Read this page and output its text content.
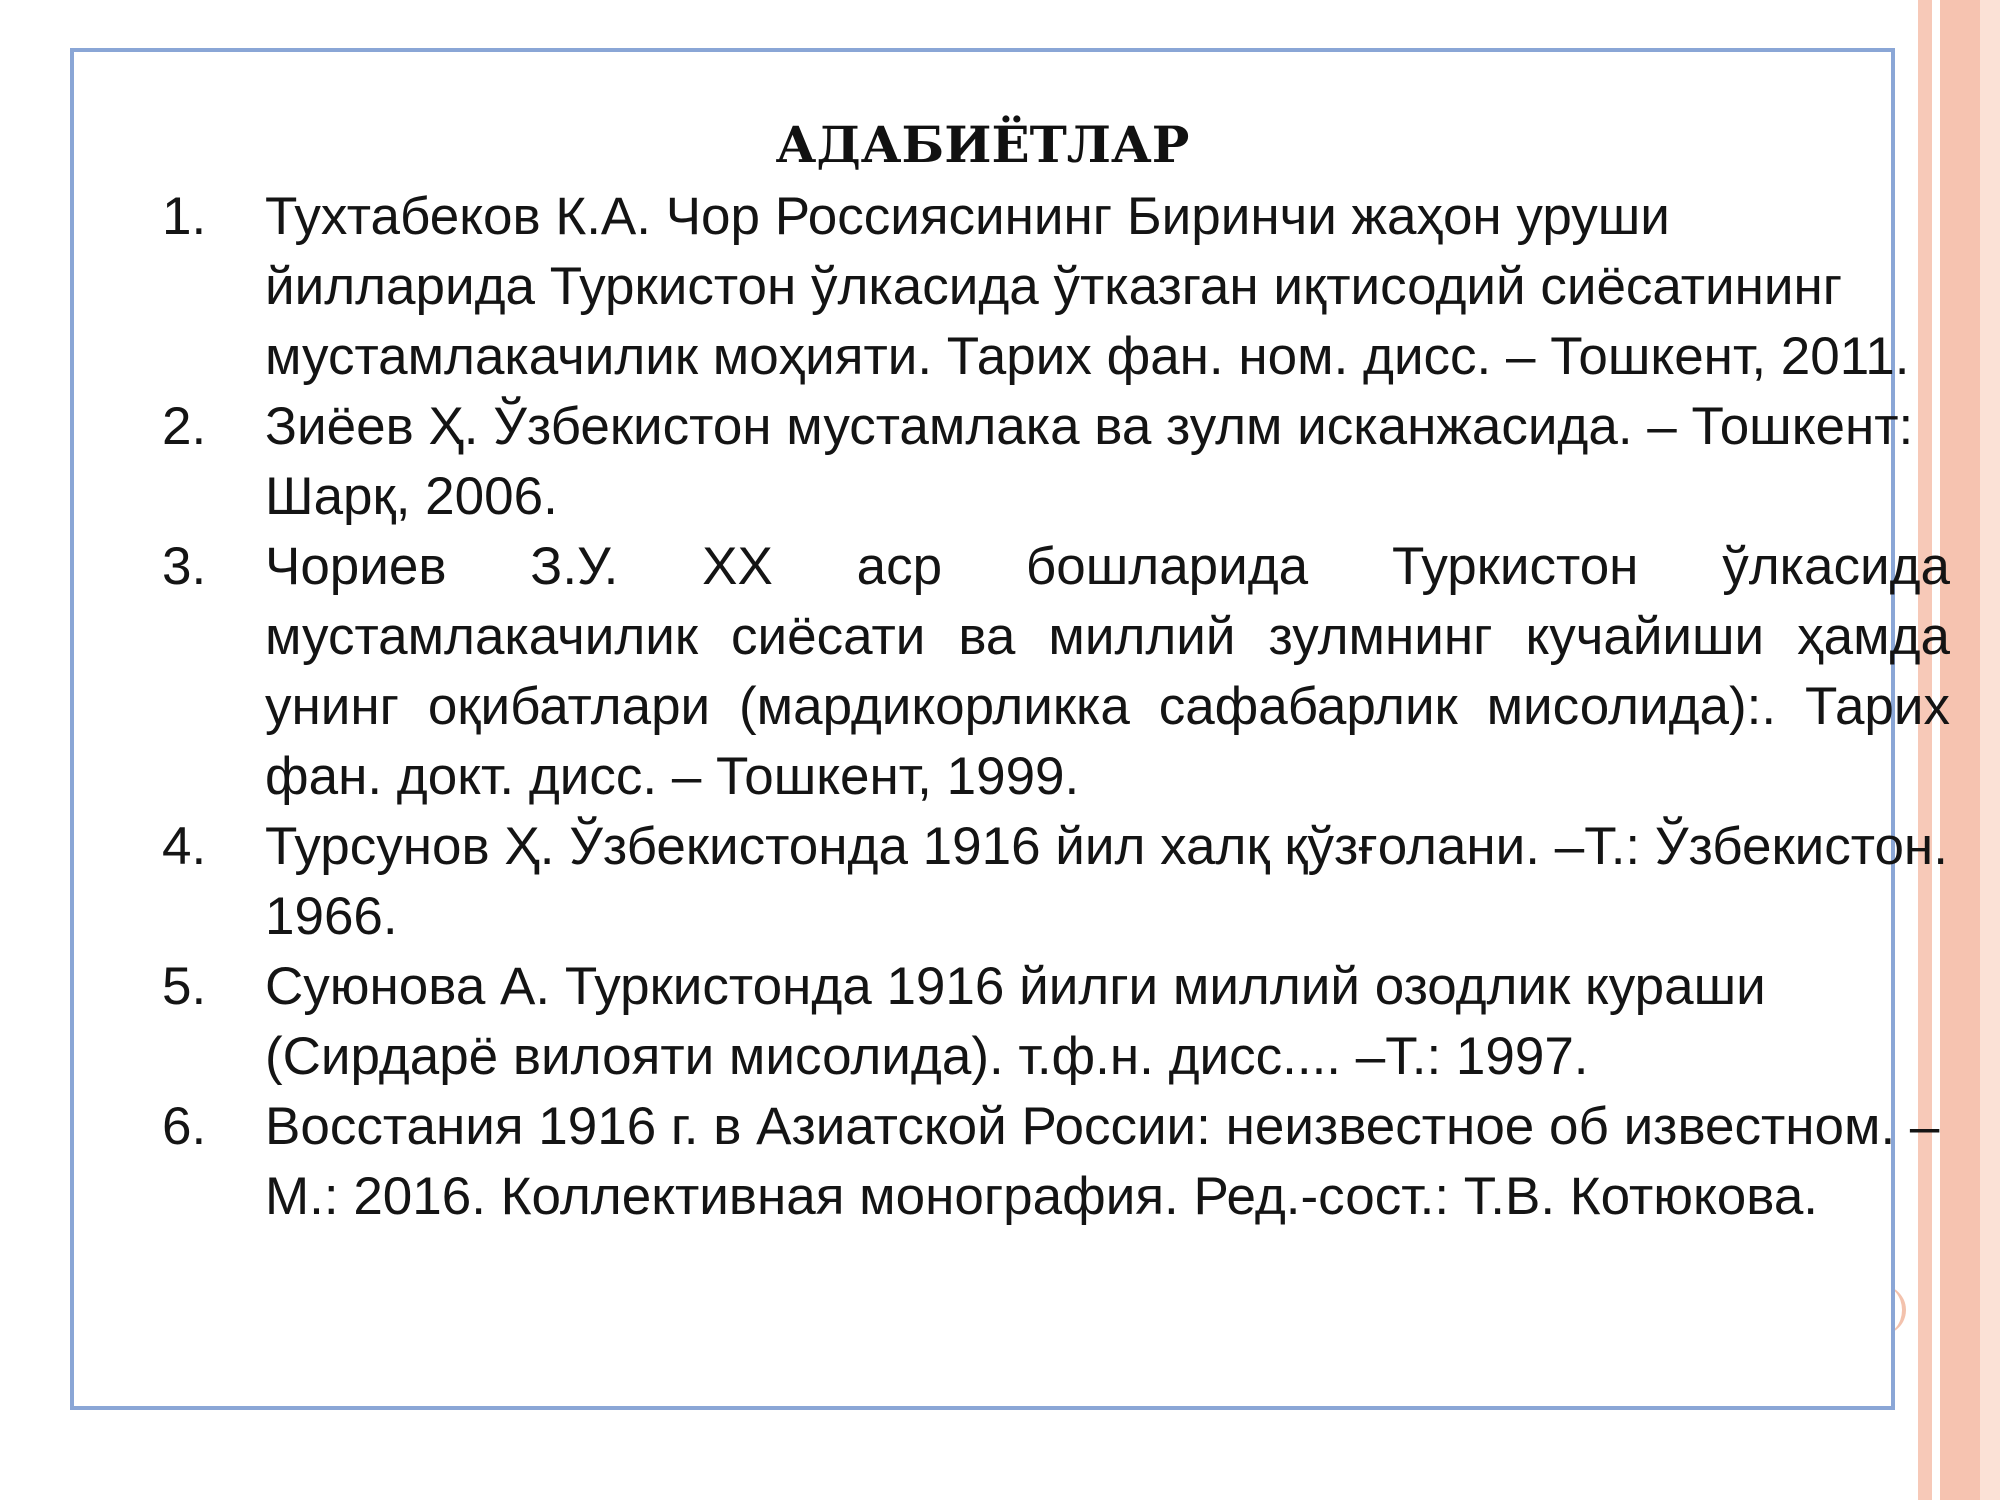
АДАБИЁТЛАР
1. Тухтабеков К.А. Чор Россиясининг Биринчи жаҳон уруши йилларида Туркистон ўлкасида ўтказган иқтисодий сиёсатининг мустамлакачилик моҳияти. Тарих фан. ном. дисс. – Тошкент, 2011.
2. Зиёев Ҳ. Ўзбекистон мустамлака ва зулм исканжасида. – Тошкент: Шарқ, 2006.
3. Чориев З.У. XX аср бошларида Туркистон ўлкасида мустамлакачилик сиёсати ва миллий зулмнинг кучайиши ҳамда унинг оқибатлари (мардикорликка сафабарлик мисолида):. Тарих фан. докт. дисс. – Тошкент, 1999.
4. Турсунов Ҳ. Ўзбекистонда 1916 йил халқ қўзғолани. –Т.: Ўзбекистон. 1966.
5. Суюнова А. Туркистонда 1916 йилги миллий озодлик кураши (Сирдарё вилояти мисолида). т.ф.н. дисс.... –Т.: 1997.
6. Восстания 1916 г. в Азиатской России: неизвестное об известном. –М.: 2016. Коллективная монография. Ред.-сост.: Т.В. Котюкова.
